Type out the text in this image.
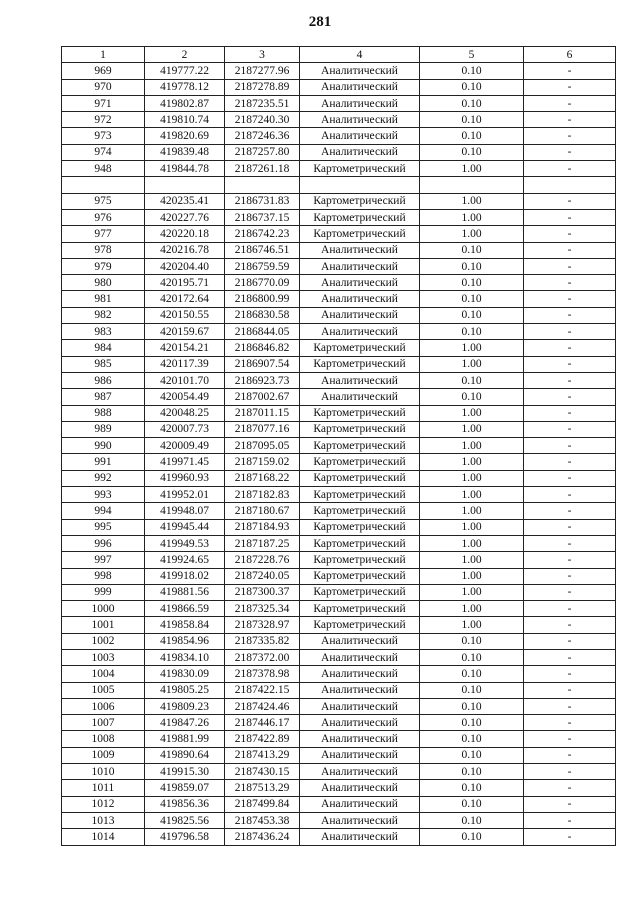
281
1	2	3	4	5	6
969	419777.22	2187277.96	Аналитический	0.10	-
970	419778.12	2187278.89	Аналитический	0.10	-
971	419802.87	2187235.51	Аналитический	0.10	-
972	419810.74	2187240.30	Аналитический	0.10	-
973	419820.69	2187246.36	Аналитический	0.10	-
974	419839.48	2187257.80	Аналитический	0.10	-
948	419844.78	2187261.18	Картометрический	1.00	-

975	420235.41	2186731.83	Картометрический	1.00	-
976	420227.76	2186737.15	Картометрический	1.00	-
977	420220.18	2186742.23	Картометрический	1.00	-
978	420216.78	2186746.51	Аналитический	0.10	-
979	420204.40	2186759.59	Аналитический	0.10	-
980	420195.71	2186770.09	Аналитический	0.10	-
981	420172.64	2186800.99	Аналитический	0.10	-
982	420150.55	2186830.58	Аналитический	0.10	-
983	420159.67	2186844.05	Аналитический	0.10	-
984	420154.21	2186846.82	Картометрический	1.00	-
985	420117.39	2186907.54	Картометрический	1.00	-
986	420101.70	2186923.73	Аналитический	0.10	-
987	420054.49	2187002.67	Аналитический	0.10	-
988	420048.25	2187011.15	Картометрический	1.00	-
989	420007.73	2187077.16	Картометрический	1.00	-
990	420009.49	2187095.05	Картометрический	1.00	-
991	419971.45	2187159.02	Картометрический	1.00	-
992	419960.93	2187168.22	Картометрический	1.00	-
993	419952.01	2187182.83	Картометрический	1.00	-
994	419948.07	2187180.67	Картометрический	1.00	-
995	419945.44	2187184.93	Картометрический	1.00	-
996	419949.53	2187187.25	Картометрический	1.00	-
997	419924.65	2187228.76	Картометрический	1.00	-
998	419918.02	2187240.05	Картометрический	1.00	-
999	419881.56	2187300.37	Картометрический	1.00	-
1000	419866.59	2187325.34	Картометрический	1.00	-
1001	419858.84	2187328.97	Картометрический	1.00	-
1002	419854.96	2187335.82	Аналитический	0.10	-
1003	419834.10	2187372.00	Аналитический	0.10	-
1004	419830.09	2187378.98	Аналитический	0.10	-
1005	419805.25	2187422.15	Аналитический	0.10	-
1006	419809.23	2187424.46	Аналитический	0.10	-
1007	419847.26	2187446.17	Аналитический	0.10	-
1008	419881.99	2187422.89	Аналитический	0.10	-
1009	419890.64	2187413.29	Аналитический	0.10	-
1010	419915.30	2187430.15	Аналитический	0.10	-
1011	419859.07	2187513.29	Аналитический	0.10	-
1012	419856.36	2187499.84	Аналитический	0.10	-
1013	419825.56	2187453.38	Аналитический	0.10	-
1014	419796.58	2187436.24	Аналитический	0.10	-
